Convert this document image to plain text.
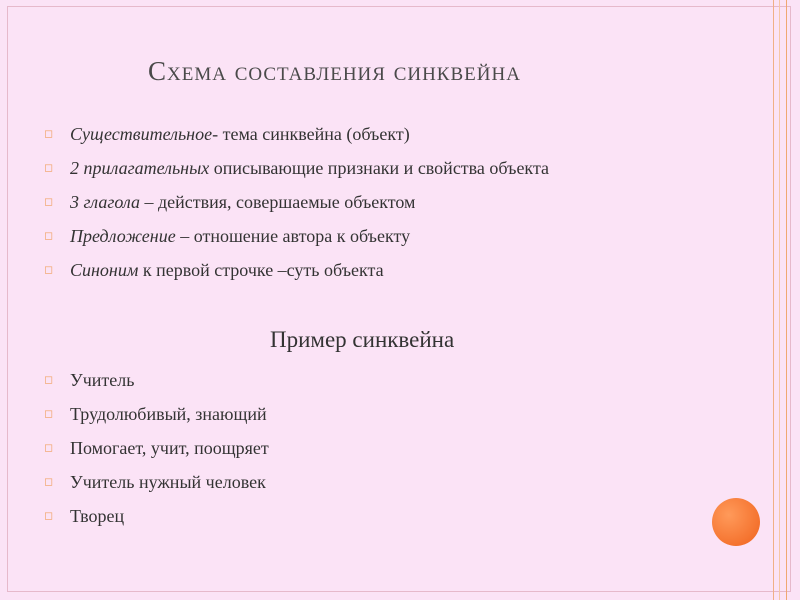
Схема составления синквейна
◻ Существительное- тема синквейна (объект)
◻ 2 прилагательных описывающие признаки и свойства объекта
◻ 3 глагола – действия, совершаемые объектом
◻ Предложение – отношение автора к объекту
◻ Синоним к первой строчке –суть объекта
Пример синквейна
◻ Учитель
◻ Трудолюбивый, знающий
◻ Помогает, учит, поощряет
◻ Учитель нужный человек
◻ Творец
